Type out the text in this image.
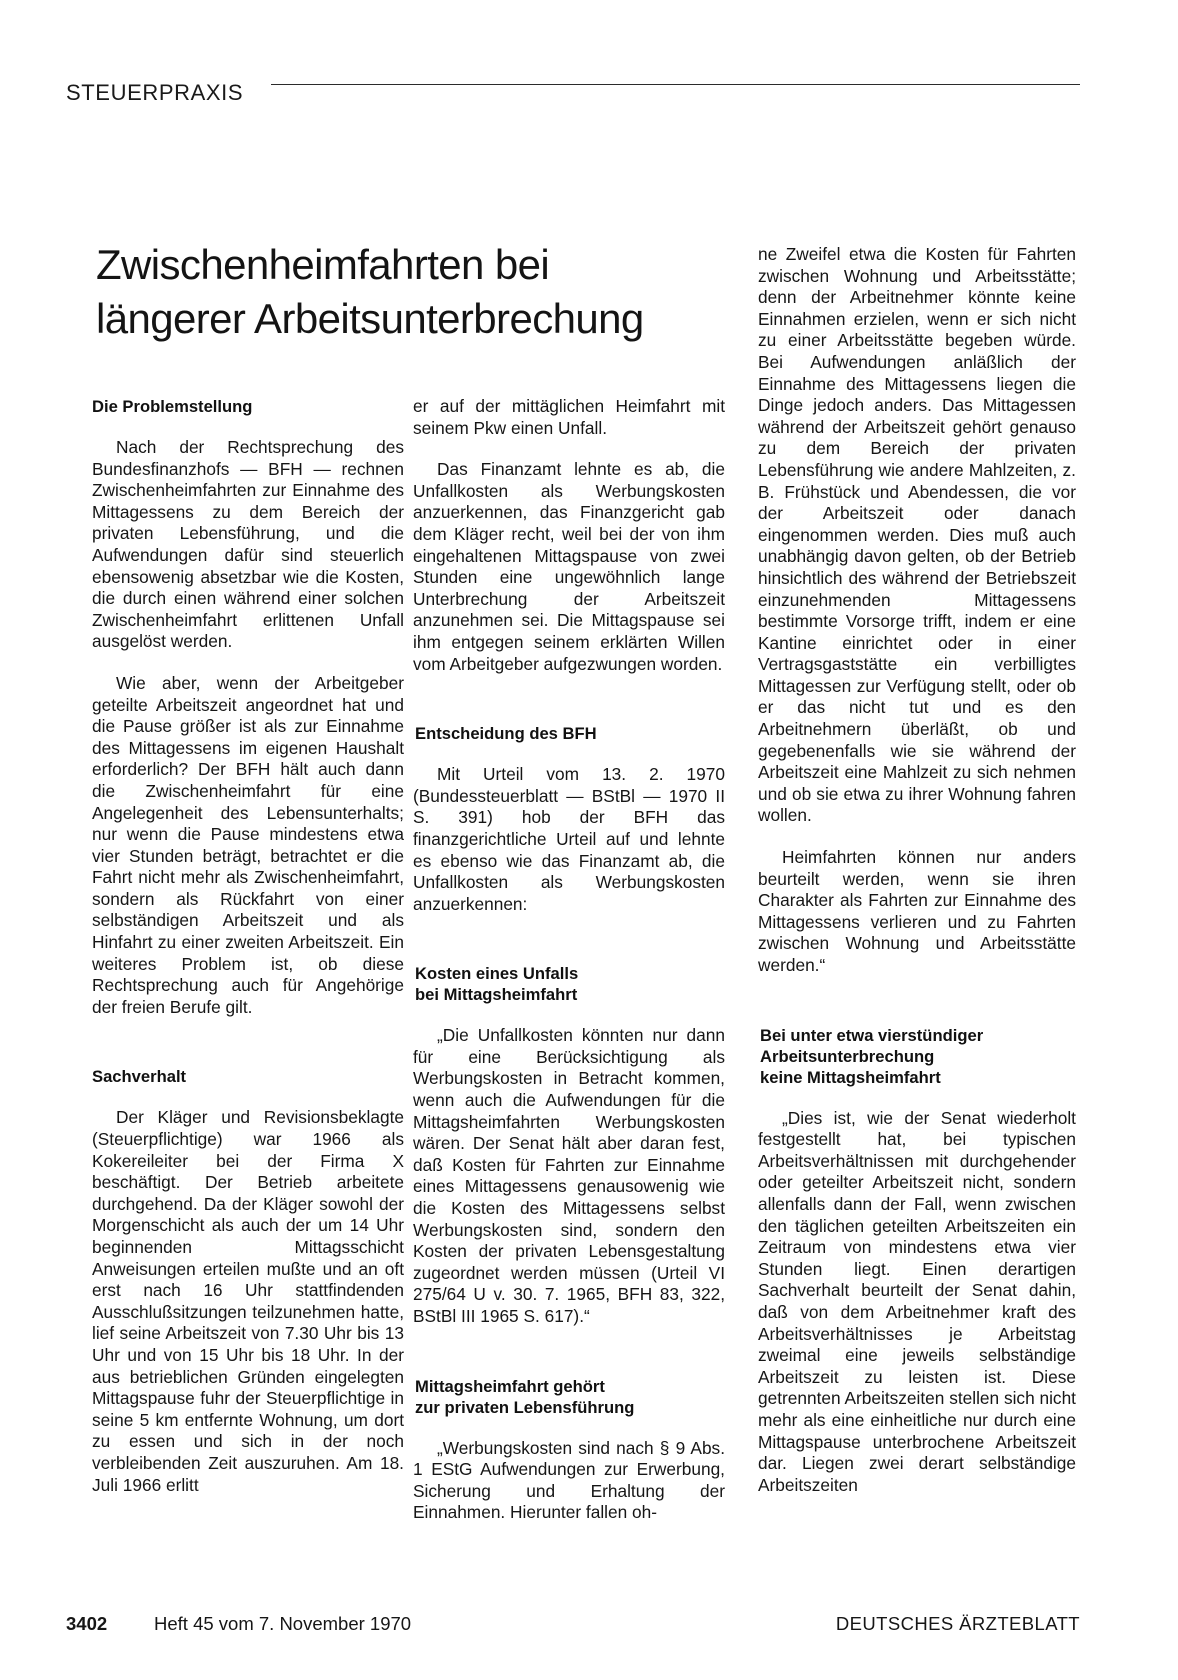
STEUERPRAXIS
Zwischenheimfahrten bei
längerer Arbeitsunterbrechung
Die Problemstellung

Nach der Rechtsprechung des Bundesfinanzhofs — BFH — rechnen Zwischenheimfahrten zur Einnahme des Mittagessens zu dem Bereich der privaten Lebensführung, und die Aufwendungen dafür sind steuerlich ebensowenig absetzbar wie die Kosten, die durch einen während einer solchen Zwischenheimfahrt erlittenen Unfall ausgelöst werden.

Wie aber, wenn der Arbeitgeber geteilte Arbeitszeit angeordnet hat und die Pause größer ist als zur Einnahme des Mittagessens im eigenen Haushalt erforderlich? Der BFH hält auch dann die Zwischenheimfahrt für eine Angelegenheit des Lebensunterhalts; nur wenn die Pause mindestens etwa vier Stunden beträgt, betrachtet er die Fahrt nicht mehr als Zwischenheimfahrt, sondern als Rückfahrt von einer selbständigen Arbeitszeit und als Hinfahrt zu einer zweiten Arbeitszeit. Ein weiteres Problem ist, ob diese Rechtsprechung auch für Angehörige der freien Berufe gilt.

Sachverhalt

Der Kläger und Revisionsbeklagte (Steuerpflichtige) war 1966 als Kokereileiter bei der Firma X beschäftigt. Der Betrieb arbeitete durchgehend. Da der Kläger sowohl der Morgenschicht als auch der um 14 Uhr beginnenden Mittagsschicht Anweisungen erteilen mußte und an oft erst nach 16 Uhr stattfindenden Ausschlußsitzungen teilzunehmen hatte, lief seine Arbeitszeit von 7.30 Uhr bis 13 Uhr und von 15 Uhr bis 18 Uhr. In der aus betrieblichen Gründen eingelegten Mittagspause fuhr der Steuerpflichtige in seine 5 km entfernte Wohnung, um dort zu essen und sich in der noch verbleibenden Zeit auszuruhen. Am 18. Juli 1966 erlitt

er auf der mittäglichen Heimfahrt mit seinem Pkw einen Unfall.

Das Finanzamt lehnte es ab, die Unfallkosten als Werbungskosten anzuerkennen, das Finanzgericht gab dem Kläger recht, weil bei der von ihm eingehaltenen Mittagspause von zwei Stunden eine ungewöhnlich lange Unterbrechung der Arbeitszeit anzunehmen sei. Die Mittagspause sei ihm entgegen seinem erklärten Willen vom Arbeitgeber aufgezwungen worden.

Entscheidung des BFH

Mit Urteil vom 13. 2. 1970 (Bundessteuerblatt — BStBl — 1970 II S. 391) hob der BFH das finanzgerichtliche Urteil auf und lehnte es ebenso wie das Finanzamt ab, die Unfallkosten als Werbungskosten anzuerkennen:

Kosten eines Unfalls
bei Mittagsheimfahrt

„Die Unfallkosten könnten nur dann für eine Berücksichtigung als Werbungskosten in Betracht kommen, wenn auch die Aufwendungen für die Mittagsheimfahrten Werbungskosten wären. Der Senat hält aber daran fest, daß Kosten für Fahrten zur Einnahme eines Mittagessens genausowenig wie die Kosten des Mittagessens selbst Werbungskosten sind, sondern den Kosten der privaten Lebensgestaltung zugeordnet werden müssen (Urteil VI 275/64 U v. 30. 7. 1965, BFH 83, 322, BStBl III 1965 S. 617).“

Mittagsheimfahrt gehört
zur privaten Lebensführung

„Werbungskosten sind nach § 9 Abs. 1 EStG Aufwendungen zur Erwerbung, Sicherung und Erhaltung der Einnahmen. Hierunter fallen oh-

ne Zweifel etwa die Kosten für Fahrten zwischen Wohnung und Arbeitsstätte; denn der Arbeitnehmer könnte keine Einnahmen erzielen, wenn er sich nicht zu einer Arbeitsstätte begeben würde. Bei Aufwendungen anläßlich der Einnahme des Mittagessens liegen die Dinge jedoch anders. Das Mittagessen während der Arbeitszeit gehört genauso zu dem Bereich der privaten Lebensführung wie andere Mahlzeiten, z. B. Frühstück und Abendessen, die vor der Arbeitszeit oder danach eingenommen werden. Dies muß auch unabhängig davon gelten, ob der Betrieb hinsichtlich des während der Betriebszeit einzunehmenden Mittagessens bestimmte Vorsorge trifft, indem er eine Kantine einrichtet oder in einer Vertragsgaststätte ein verbilligtes Mittagessen zur Verfügung stellt, oder ob er das nicht tut und es den Arbeitnehmern überläßt, ob und gegebenenfalls wie sie während der Arbeitszeit eine Mahlzeit zu sich nehmen und ob sie etwa zu ihrer Wohnung fahren wollen.

Heimfahrten können nur anders beurteilt werden, wenn sie ihren Charakter als Fahrten zur Einnahme des Mittagessens verlieren und zu Fahrten zwischen Wohnung und Arbeitsstätte werden.“

Bei unter etwa vierstündiger
Arbeitsunterbrechung
keine Mittagsheimfahrt

„Dies ist, wie der Senat wiederholt festgestellt hat, bei typischen Arbeitsverhältnissen mit durchgehender oder geteilter Arbeitszeit nicht, sondern allenfalls dann der Fall, wenn zwischen den täglichen geteilten Arbeitszeiten ein Zeitraum von mindestens etwa vier Stunden liegt. Einen derartigen Sachverhalt beurteilt der Senat dahin, daß von dem Arbeitnehmer kraft des Arbeitsverhältnisses je Arbeitstag zweimal eine jeweils selbständige Arbeitszeit zu leisten ist. Diese getrennten Arbeitszeiten stellen sich nicht mehr als eine einheitliche nur durch eine Mittagspause unterbrochene Arbeitszeit dar. Liegen zwei derart selbständige Arbeitszeiten

3402	Heft 45 vom 7. November 1970	DEUTSCHES ÄRZTEBLATT
